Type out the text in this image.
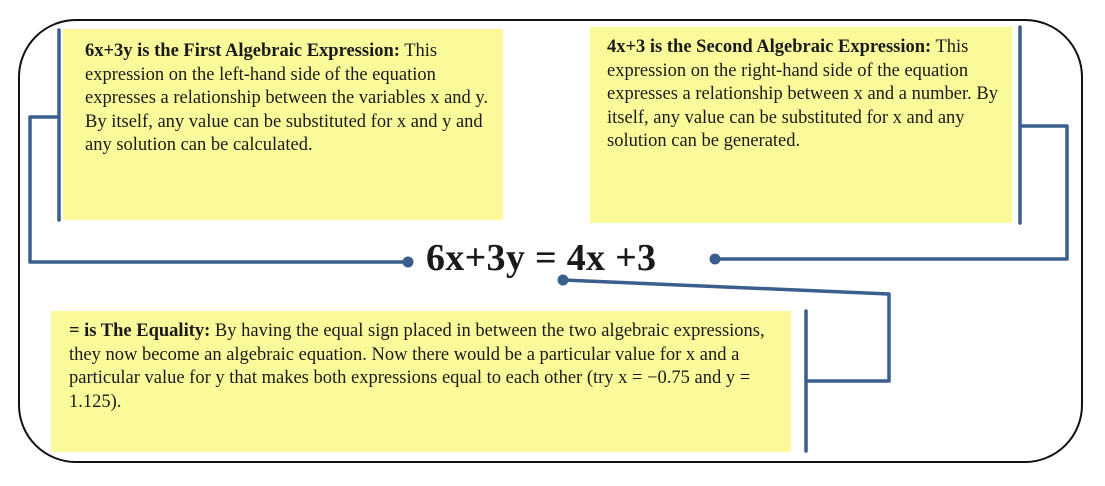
6x+3y is the First Algebraic Expression: This expression on the left-hand side of the equation expresses a relationship between the variables x and y. By itself, any value can be substituted for x and y and any solution can be calculated.
4x+3 is the Second Algebraic Expression: This expression on the right-hand side of the equation expresses a relationship between x and a number. By itself, any value can be substituted for x and any solution can be generated.
6x+3y = 4x +3
= is The Equality: By having the equal sign placed in between the two algebraic expressions, they now become an algebraic equation. Now there would be a particular value for x and a particular value for y that makes both expressions equal to each other (try x = −0.75 and y = 1.125).
